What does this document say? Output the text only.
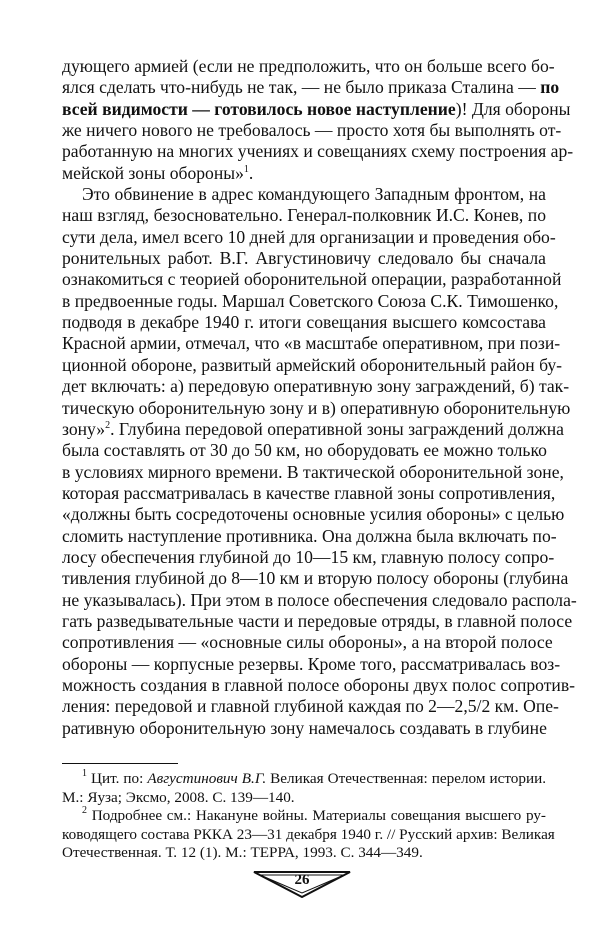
дующего армией (если не предположить, что он больше всего бо-
ялся сделать что-нибудь не так, — не было приказа Сталина — по
всей видимости — готовилось новое наступление)! Для обороны
же ничего нового не требовалось — просто хотя бы выполнять от-
работанную на многих учениях и совещаниях схему построения ар-
мейской зоны обороны»$^1$.
Это обвинение в адрес командующего Западным фронтом, на
наш взгляд, безосновательно. Генерал-полковник И.С. Конев, по
сути дела, имел всего 10 дней для организации и проведения обо-
ронительных работ. В.Г. Августиновичу следовало бы сначала
ознакомиться с теорией оборонительной операции, разработанной
в предвоенные годы. Маршал Советского Союза С.К. Тимошенко,
подводя в декабре 1940 г. итоги совещания высшего комсостава
Красной армии, отмечал, что «в масштабе оперативном, при пози-
ционной обороне, развитый армейский оборонительный район бу-
дет включать: а) передовую оперативную зону заграждений, б) так-
тическую оборонительную зону и в) оперативную оборонительную
зону»$^2$. Глубина передовой оперативной зоны заграждений должна
была составлять от 30 до 50 км, но оборудовать ее можно только
в условиях мирного времени. В тактической оборонительной зоне,
которая рассматривалась в качестве главной зоны сопротивления,
«должны быть сосредоточены основные усилия обороны» с целью
сломить наступление противника. Она должна была включать по-
лосу обеспечения глубиной до 10—15 км, главную полосу сопро-
тивления глубиной до 8—10 км и вторую полосу обороны (глубина
не указывалась). При этом в полосе обеспечения следовало распола-
гать разведывательные части и передовые отряды, в главной полосе
сопротивления — «основные силы обороны», а на второй полосе
обороны — корпусные резервы. Кроме того, рассматривалась воз-
можность создания в главной полосе обороны двух полос сопротив-
ления: передовой и главной глубиной каждая по 2—2,5/2 км. Опе-
ративную оборонительную зону намечалось создавать в глубине
$^1$ Цит. по: Августинович В.Г. Великая Отечественная: перелом истории.
М.: Яуза; Эксмо, 2008. С. 139—140.
$^2$ Подробнее см.: Накануне войны. Материалы совещания высшего ру-
ководящего состава РККА 23—31 декабря 1940 г. // Русский архив: Великая
Отечественная. Т. 12 (1). М.: ТЕРРА, 1993. С. 344—349.
26
